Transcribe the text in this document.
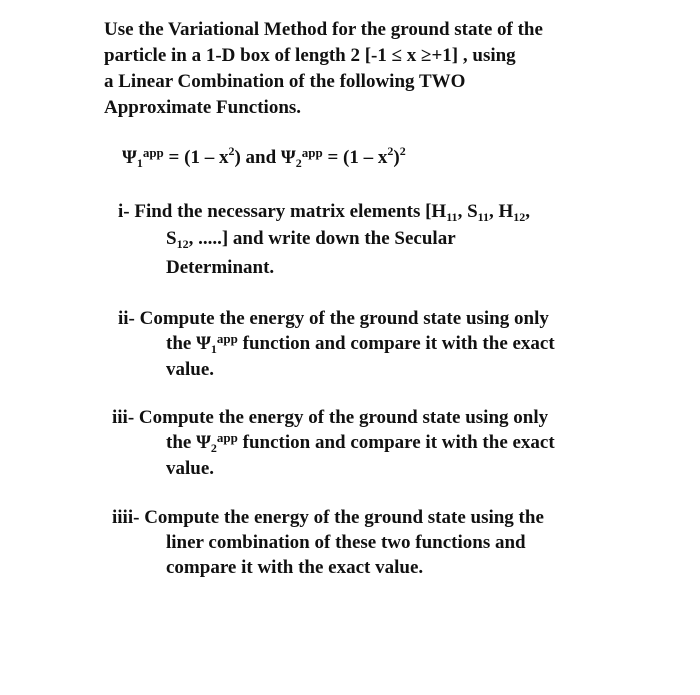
Use the Variational Method for the ground state of the
particle in a 1-D box of length 2 [-1 ≤ x ≥+1] , using
a Linear Combination of the following TWO
Approximate Functions.
$\Psi_1^{app} = (1 - x^2)$ and $\Psi_2^{app} = (1 - x^2)^2$
i- Find the necessary matrix elements [$H_{11}$, $S_{11}$, $H_{12}$,
$S_{12}$, .....] and write down the Secular
Determinant.
ii- Compute the energy of the ground state using only
the $\Psi_1^{app}$ function and compare it with the exact
value.
iii- Compute the energy of the ground state using only
the $\Psi_2^{app}$ function and compare it with the exact
value.
iiii- Compute the energy of the ground state using the
liner combination of these two functions and
compare it with the exact value.
